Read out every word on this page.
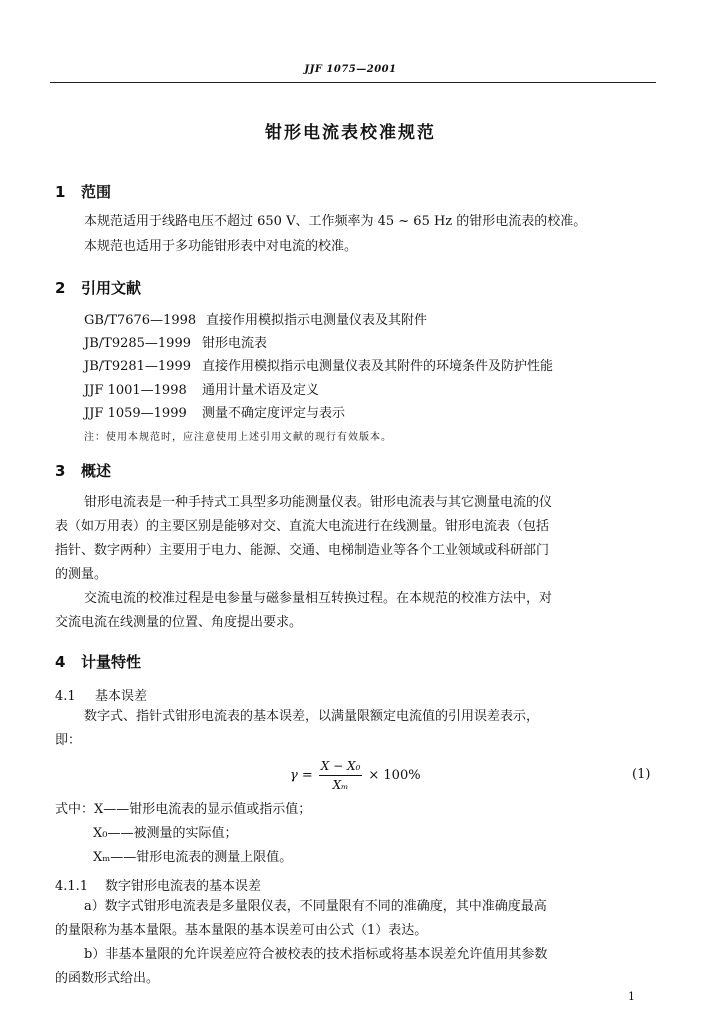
JJF 1075—2001
钳形电流表校准规范
1 范围
本规范适用于线路电压不超过 650 V、工作频率为 45 ~ 65 Hz 的钳形电流表的校准。
本规范也适用于多功能钳形表中对电流的校准。
2 引用文献
GB/T7676—1998 直接作用模拟指示电测量仪表及其附件
JB/T9285—1999 钳形电流表
JB/T9281—1999 直接作用模拟指示电测量仪表及其附件的环境条件及防护性能
JJF 1001—1998 通用计量术语及定义
JJF 1059—1999 测量不确定度评定与表示
注：使用本规范时，应注意使用上述引用文献的现行有效版本。
3 概述
钳形电流表是一种手持式工具型多功能测量仪表。钳形电流表与其它测量电流的仪
表（如万用表）的主要区别是能够对交、直流大电流进行在线测量。钳形电流表（包括
指针、数字两种）主要用于电力、能源、交通、电梯制造业等各个工业领域或科研部门
的测量。
交流电流的校准过程是电参量与磁参量相互转换过程。在本规范的校准方法中，对
交流电流在线测量的位置、角度提出要求。
4 计量特性
4.1 基本误差
数字式、指针式钳形电流表的基本误差，以满量限额定电流值的引用误差表示，
即：
$\gamma = \frac{\text{X − X₀}}{\text{Xₘ}} \times 100\%$	(1)
式中：X——钳形电流表的显示值或指示值；
X₀——被测量的实际值；
Xₘ——钳形电流表的测量上限值。
4.1.1 数字钳形电流表的基本误差
a）数字式钳形电流表是多量限仪表，不同量限有不同的准确度，其中准确度最高
的量限称为基本量限。基本量限的基本误差可由公式（1）表达。
b）非基本量限的允许误差应符合被校表的技术指标或将基本误差允许值用其参数
的函数形式给出。
1
